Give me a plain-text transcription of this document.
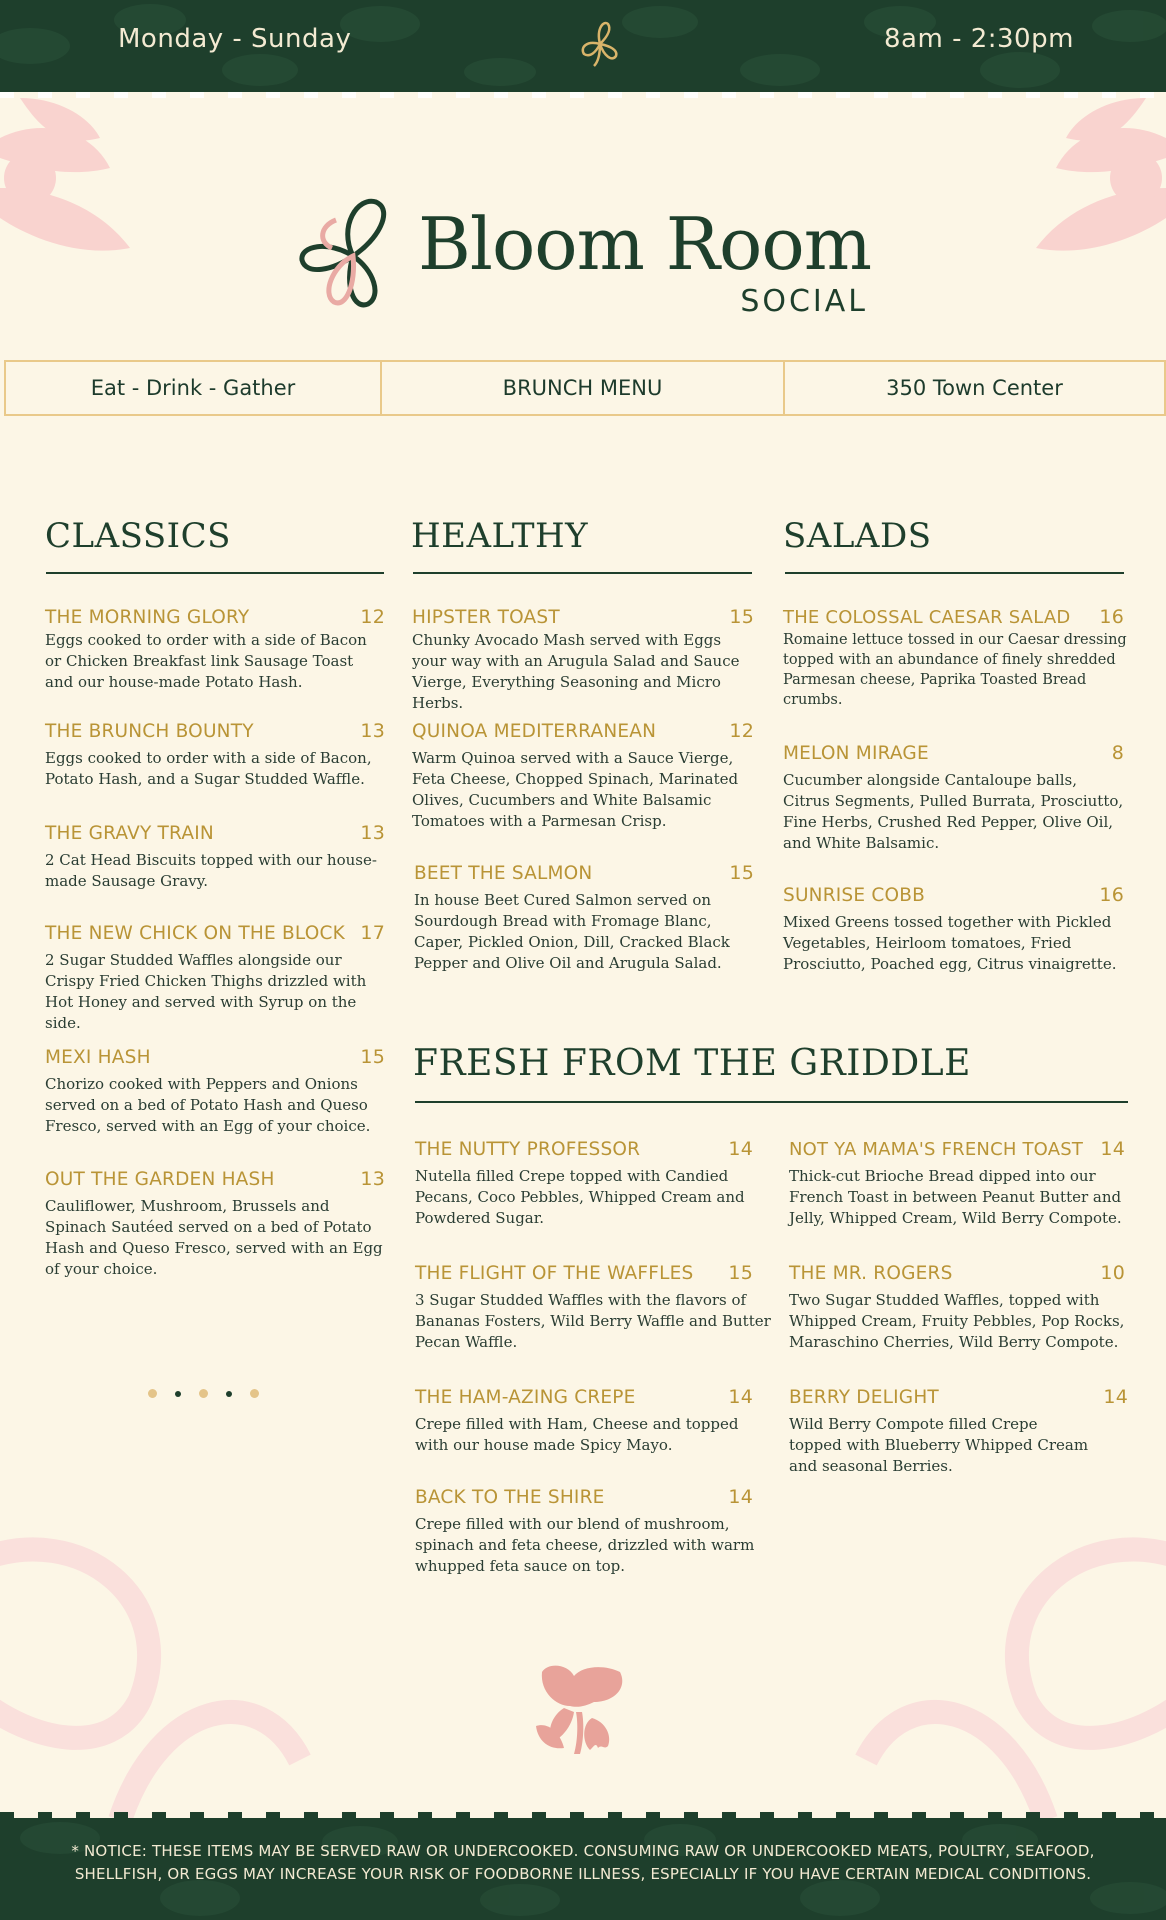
Monday - Sunday	8am - 2:30pm
Bloom Room
SOCIAL
Eat - Drink - Gather	BRUNCH MENU	350 Town Center
CLASSICS
THE MORNING GLORY	12
Eggs cooked to order with a side of Bacon or Chicken Breakfast link Sausage Toast and our house-made Potato Hash.
THE BRUNCH BOUNTY	13
Eggs cooked to order with a side of Bacon, Potato Hash, and a Sugar Studded Waffle.
THE GRAVY TRAIN	13
2 Cat Head Biscuits topped with our house-made Sausage Gravy.
THE NEW CHICK ON THE BLOCK 17
2 Sugar Studded Waffles alongside our Crispy Fried Chicken Thighs drizzled with Hot Honey and served with Syrup on the side.
MEXI HASH	15
Chorizo cooked with Peppers and Onions served on a bed of Potato Hash and Queso Fresco, served with an Egg of your choice.
OUT THE GARDEN HASH	13
Cauliflower, Mushroom, Brussels and Spinach Sautéed served on a bed of Potato Hash and Queso Fresco, served with an Egg of your choice.
HEALTHY
HIPSTER TOAST	15
Chunky Avocado Mash served with Eggs your way with an Arugula Salad and Sauce Vierge, Everything Seasoning and Micro Herbs.
QUINOA MEDITERRANEAN	12
Warm Quinoa served with a Sauce Vierge, Feta Cheese, Chopped Spinach, Marinated Olives, Cucumbers and White Balsamic Tomatoes with a Parmesan Crisp.
BEET THE SALMON	15
In house Beet Cured Salmon served on Sourdough Bread with Fromage Blanc, Caper, Pickled Onion, Dill, Cracked Black Pepper and Olive Oil and Arugula Salad.
SALADS
THE COLOSSAL CAESAR SALAD 16
Romaine lettuce tossed in our Caesar dressing topped with an abundance of finely shredded Parmesan cheese, Paprika Toasted Bread crumbs.
MELON MIRAGE	8
Cucumber alongside Cantaloupe balls, Citrus Segments, Pulled Burrata, Prosciutto, Fine Herbs, Crushed Red Pepper, Olive Oil, and White Balsamic.
SUNRISE COBB	16
Mixed Greens tossed together with Pickled Vegetables, Heirloom tomatoes, Fried Prosciutto, Poached egg, Citrus vinaigrette.
FRESH FROM THE GRIDDLE
THE NUTTY PROFESSOR	14
Nutella filled Crepe topped with Candied Pecans, Coco Pebbles, Whipped Cream and Powdered Sugar.
THE FLIGHT OF THE WAFFLES 15
3 Sugar Studded Waffles with the flavors of Bananas Fosters, Wild Berry Waffle and Butter Pecan Waffle.
THE HAM-AZING CREPE	14
Crepe filled with Ham, Cheese and topped with our house made Spicy Mayo.
BACK TO THE SHIRE	14
Crepe filled with our blend of mushroom, spinach and feta cheese, drizzled with warm whupped feta sauce on top.
NOT YA MAMA'S FRENCH TOAST 14
Thick-cut Brioche Bread dipped into our French Toast in between Peanut Butter and Jelly, Whipped Cream, Wild Berry Compote.
THE MR. ROGERS	10
Two Sugar Studded Waffles, topped with Whipped Cream, Fruity Pebbles, Pop Rocks, Maraschino Cherries, Wild Berry Compote.
BERRY DELIGHT	14
Wild Berry Compote filled Crepe topped with Blueberry Whipped Cream and seasonal Berries.
* NOTICE: THESE ITEMS MAY BE SERVED RAW OR UNDERCOOKED. CONSUMING RAW OR UNDERCOOKED MEATS, POULTRY, SEAFOOD, SHELLFISH, OR EGGS MAY INCREASE YOUR RISK OF FOODBORNE ILLNESS, ESPECIALLY IF YOU HAVE CERTAIN MEDICAL CONDITIONS.
